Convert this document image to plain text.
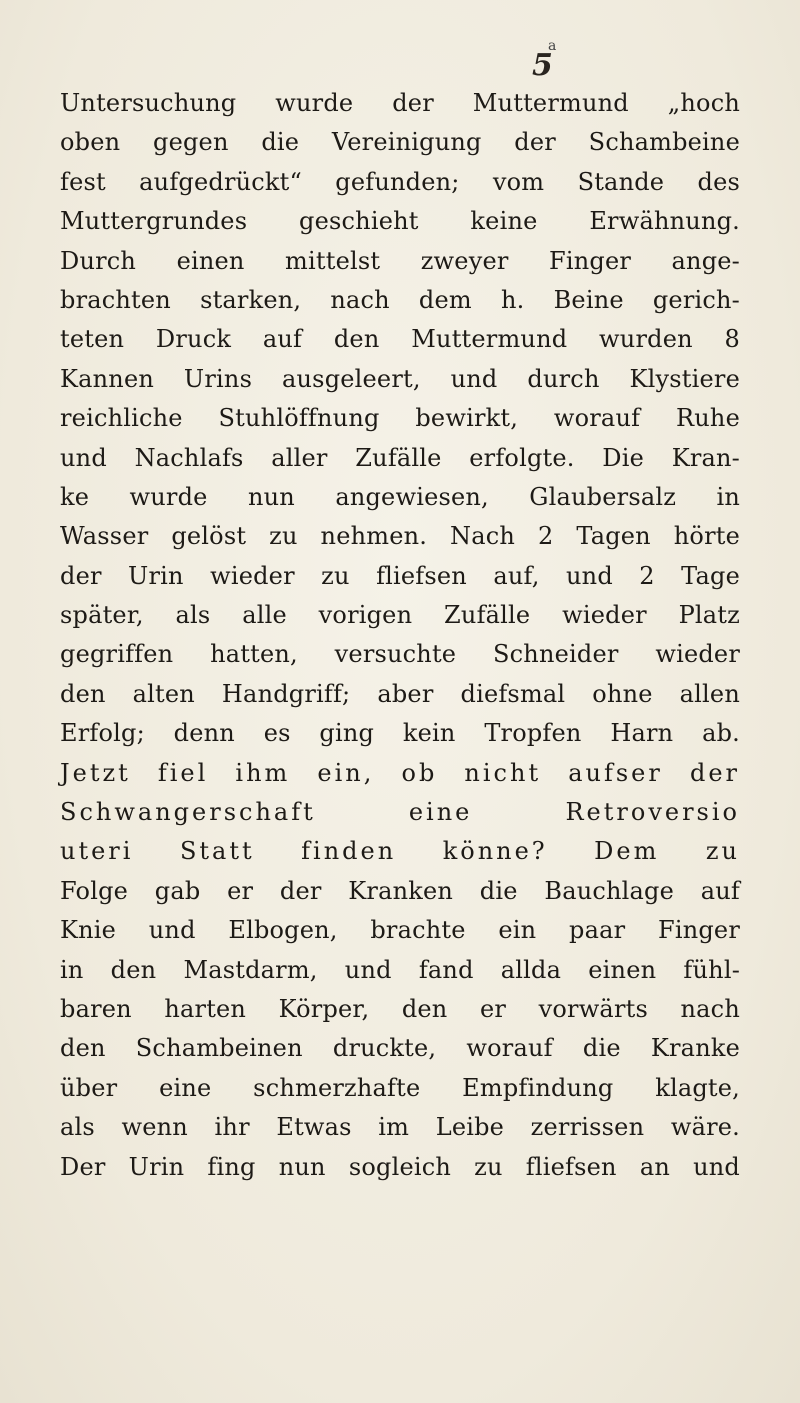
a
5
Untersuchung wurde der Muttermund „hoch
oben gegen die Vereinigung der Schambeine
fest aufgedrückt“ gefunden; vom Stande des
Muttergrundes geschieht keine Erwähnung.
Durch einen mittelst zweyer Finger ange-
brachten starken, nach dem h. Beine gerich-
teten Druck auf den Muttermund wurden 8
Kannen Urins ausgeleert, und durch Klystiere
reichliche Stuhlöffnung bewirkt, worauf Ruhe
und Nachlafs aller Zufälle erfolgte. Die Kran-
ke wurde nun angewiesen, Glaubersalz in
Wasser gelöst zu nehmen. Nach 2 Tagen hörte
der Urin wieder zu fliefsen auf, und 2 Tage
später, als alle vorigen Zufälle wieder Platz
gegriffen hatten, versuchte Schneider wieder
den alten Handgriff; aber diefsmal ohne allen
Erfolg; denn es ging kein Tropfen Harn ab.
Jetzt fiel ihm ein, ob nicht aufser der
Schwangerschaft eine Retroversio
uteri Statt finden könne? Dem zu
Folge gab er der Kranken die Bauchlage auf
Knie und Elbogen, brachte ein paar Finger
in den Mastdarm, und fand allda einen fühl-
baren harten Körper, den er vorwärts nach
den Schambeinen druckte, worauf die Kranke
über eine schmerzhafte Empfindung klagte,
als wenn ihr Etwas im Leibe zerrissen wäre.
Der Urin fing nun sogleich zu fliefsen an und
